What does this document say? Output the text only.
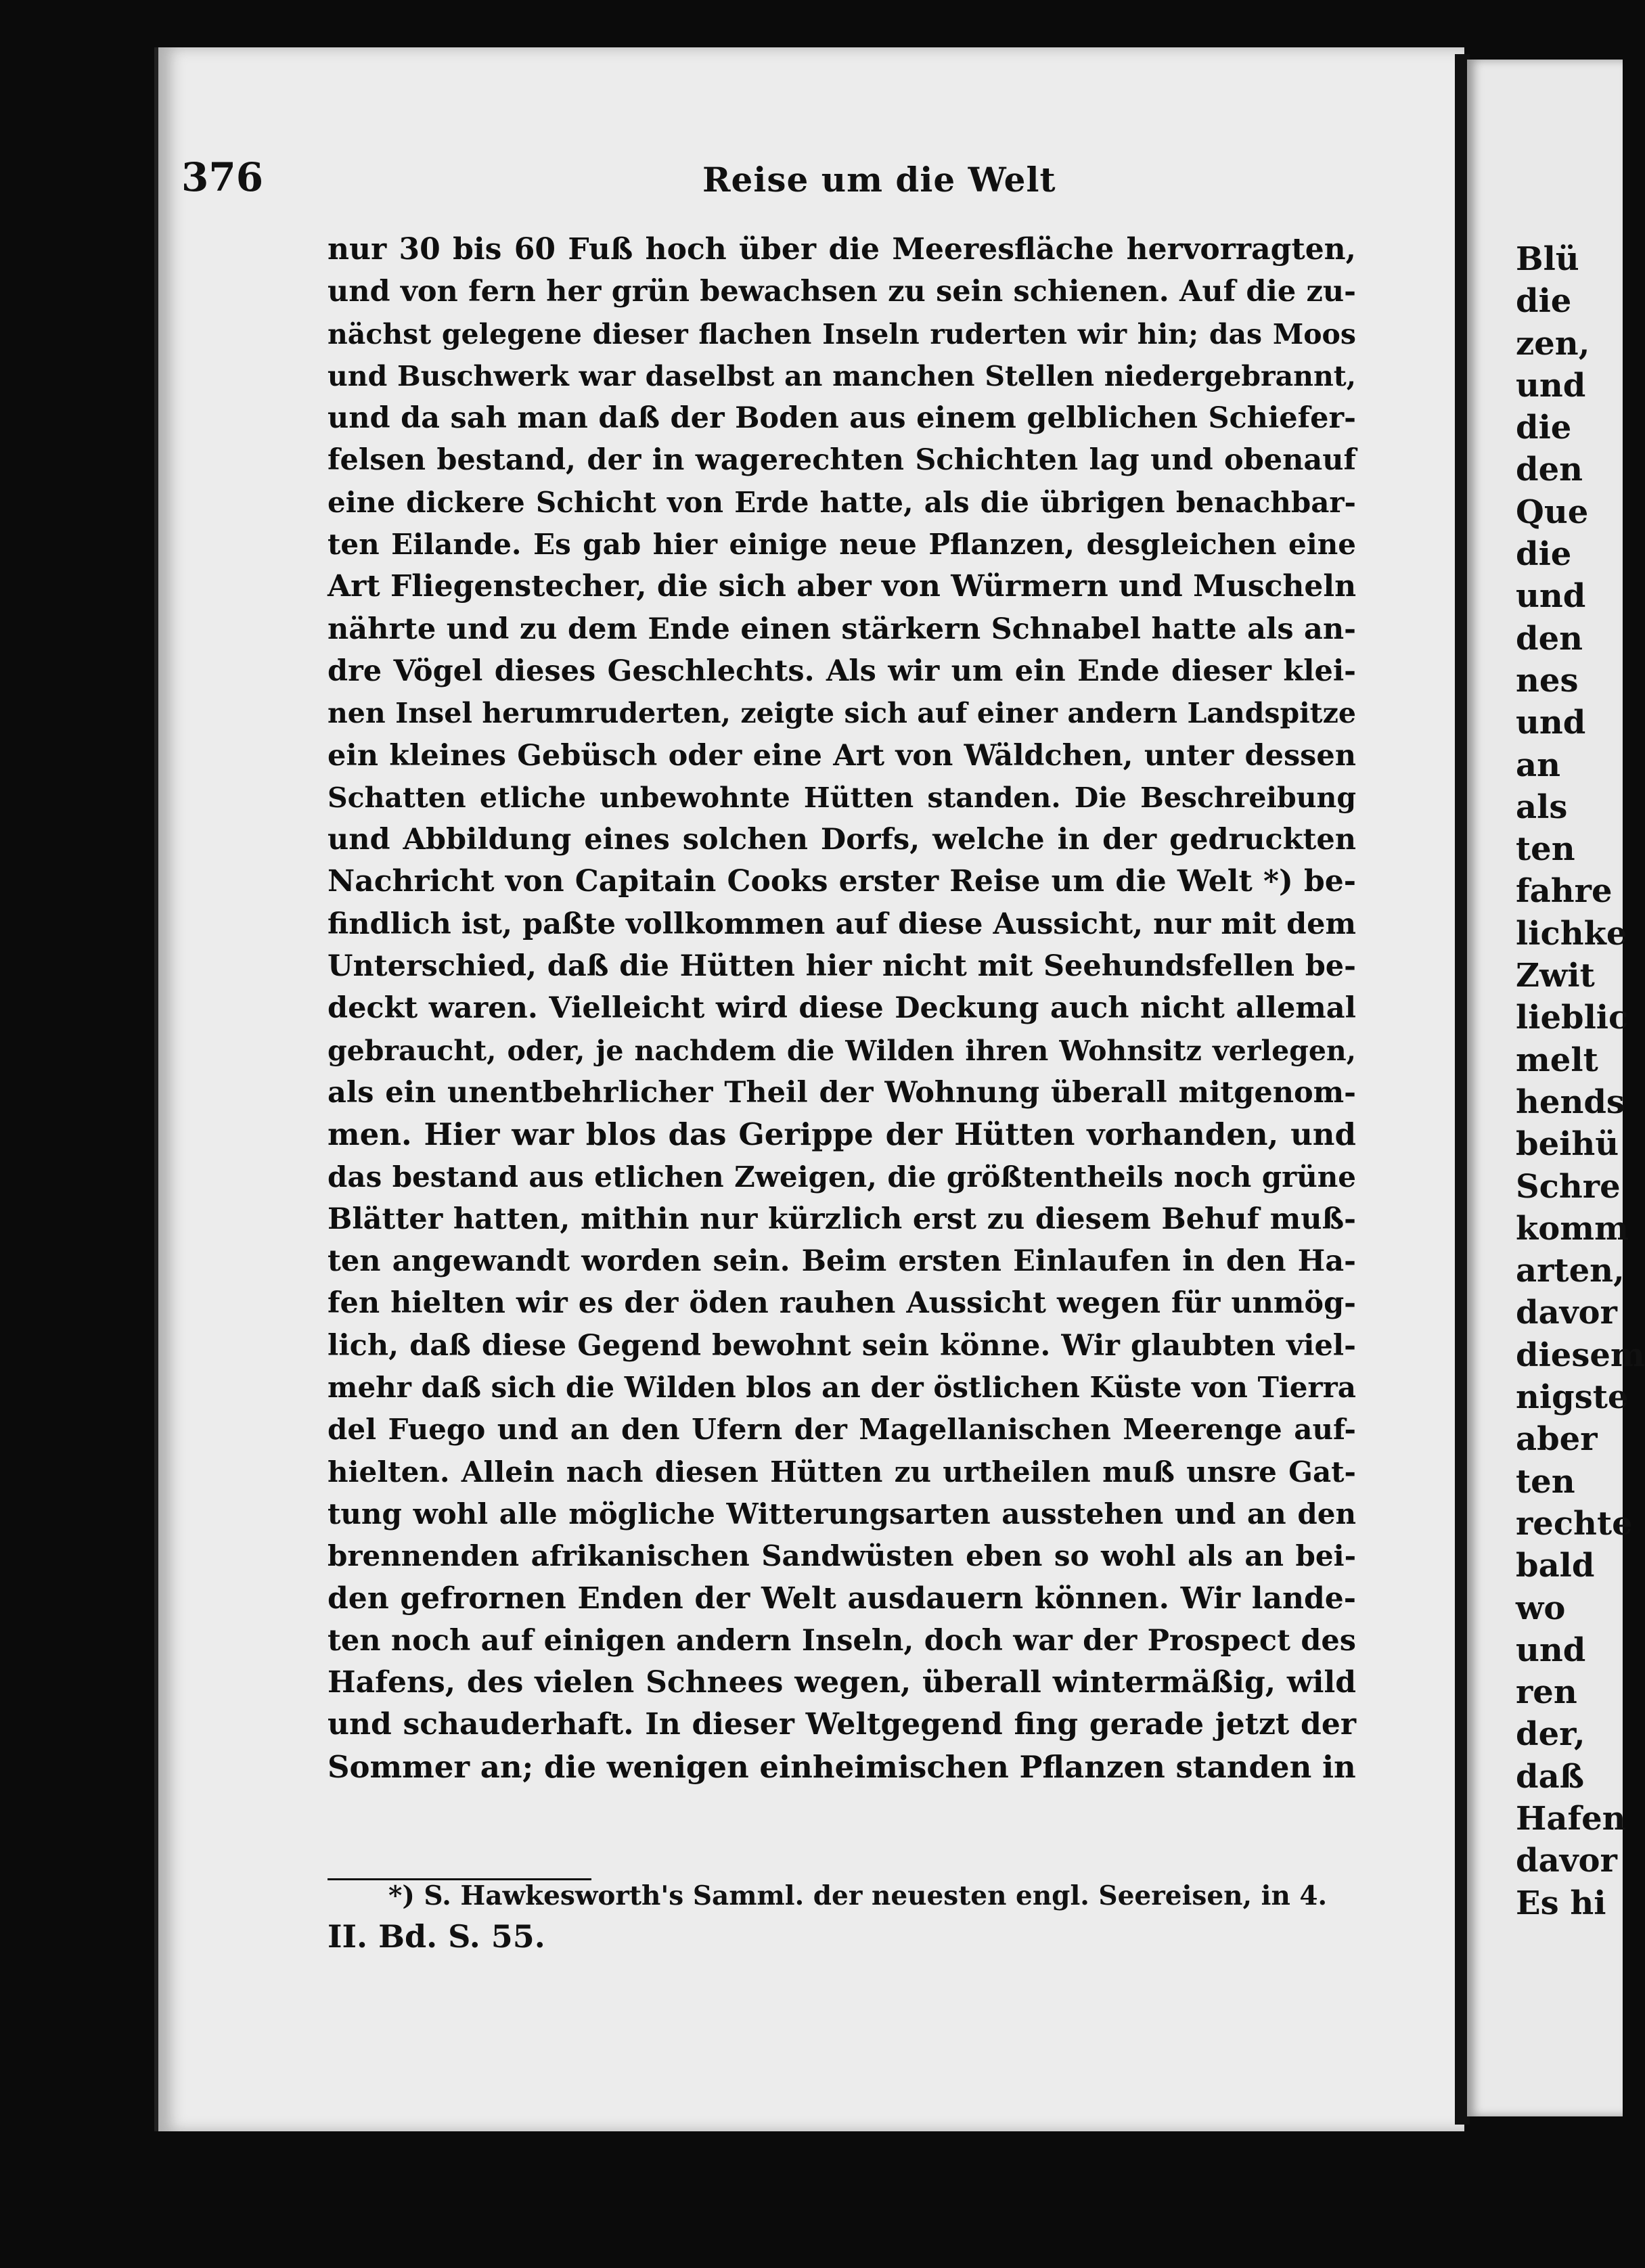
376	Reise um die Welt
nur 30 bis 60 Fuß hoch über die Meeresfläche hervorragten,
und von fern her grün bewachsen zu sein schienen. Auf die zu-
nächst gelegene dieser flachen Inseln ruderten wir hin; das Moos
und Buschwerk war daselbst an manchen Stellen niedergebrannt,
und da sah man daß der Boden aus einem gelblichen Schiefer-
felsen bestand, der in wagerechten Schichten lag und obenauf
eine dickere Schicht von Erde hatte, als die übrigen benachbar-
ten Eilande. Es gab hier einige neue Pflanzen, desgleichen eine
Art Fliegenstecher, die sich aber von Würmern und Muscheln
nährte und zu dem Ende einen stärkern Schnabel hatte als an-
dre Vögel dieses Geschlechts. Als wir um ein Ende dieser klei-
nen Insel herumruderten, zeigte sich auf einer andern Landspitze
ein kleines Gebüsch oder eine Art von Wäldchen, unter dessen
Schatten etliche unbewohnte Hütten standen. Die Beschreibung
und Abbildung eines solchen Dorfs, welche in der gedruckten
Nachricht von Capitain Cooks erster Reise um die Welt *) be-
findlich ist, paßte vollkommen auf diese Aussicht, nur mit dem
Unterschied, daß die Hütten hier nicht mit Seehundsfellen be-
deckt waren. Vielleicht wird diese Deckung auch nicht allemal
gebraucht, oder, je nachdem die Wilden ihren Wohnsitz verlegen,
als ein unentbehrlicher Theil der Wohnung überall mitgenom-
men. Hier war blos das Gerippe der Hütten vorhanden, und
das bestand aus etlichen Zweigen, die größtentheils noch grüne
Blätter hatten, mithin nur kürzlich erst zu diesem Behuf muß-
ten angewandt worden sein. Beim ersten Einlaufen in den Ha-
fen hielten wir es der öden rauhen Aussicht wegen für unmög-
lich, daß diese Gegend bewohnt sein könne. Wir glaubten viel-
mehr daß sich die Wilden blos an der östlichen Küste von Tierra
del Fuego und an den Ufern der Magellanischen Meerenge auf-
hielten. Allein nach diesen Hütten zu urtheilen muß unsre Gat-
tung wohl alle mögliche Witterungsarten ausstehen und an den
brennenden afrikanischen Sandwüsten eben so wohl als an bei-
den gefrornen Enden der Welt ausdauern können. Wir lande-
ten noch auf einigen andern Inseln, doch war der Prospect des
Hafens, des vielen Schnees wegen, überall wintermäßig, wild
und schauderhaft. In dieser Weltgegend fing gerade jetzt der
Sommer an; die wenigen einheimischen Pflanzen standen in
*) S. Hawkesworth's Samml. der neuesten engl. Seereisen, in 4.
II. Bd. S. 55.
Blü
die
zen,
und
die
den
Que
die
und
den
nes
und
an
als
ten
fahre
lichke
Zwit
lieblic
melt
hends
beihü
Schre
komm
arten,
davor
diesem
nigste
aber
ten
rechte
bald
wo
und
ren
der,
daß
Hafen
davor
Es hi
